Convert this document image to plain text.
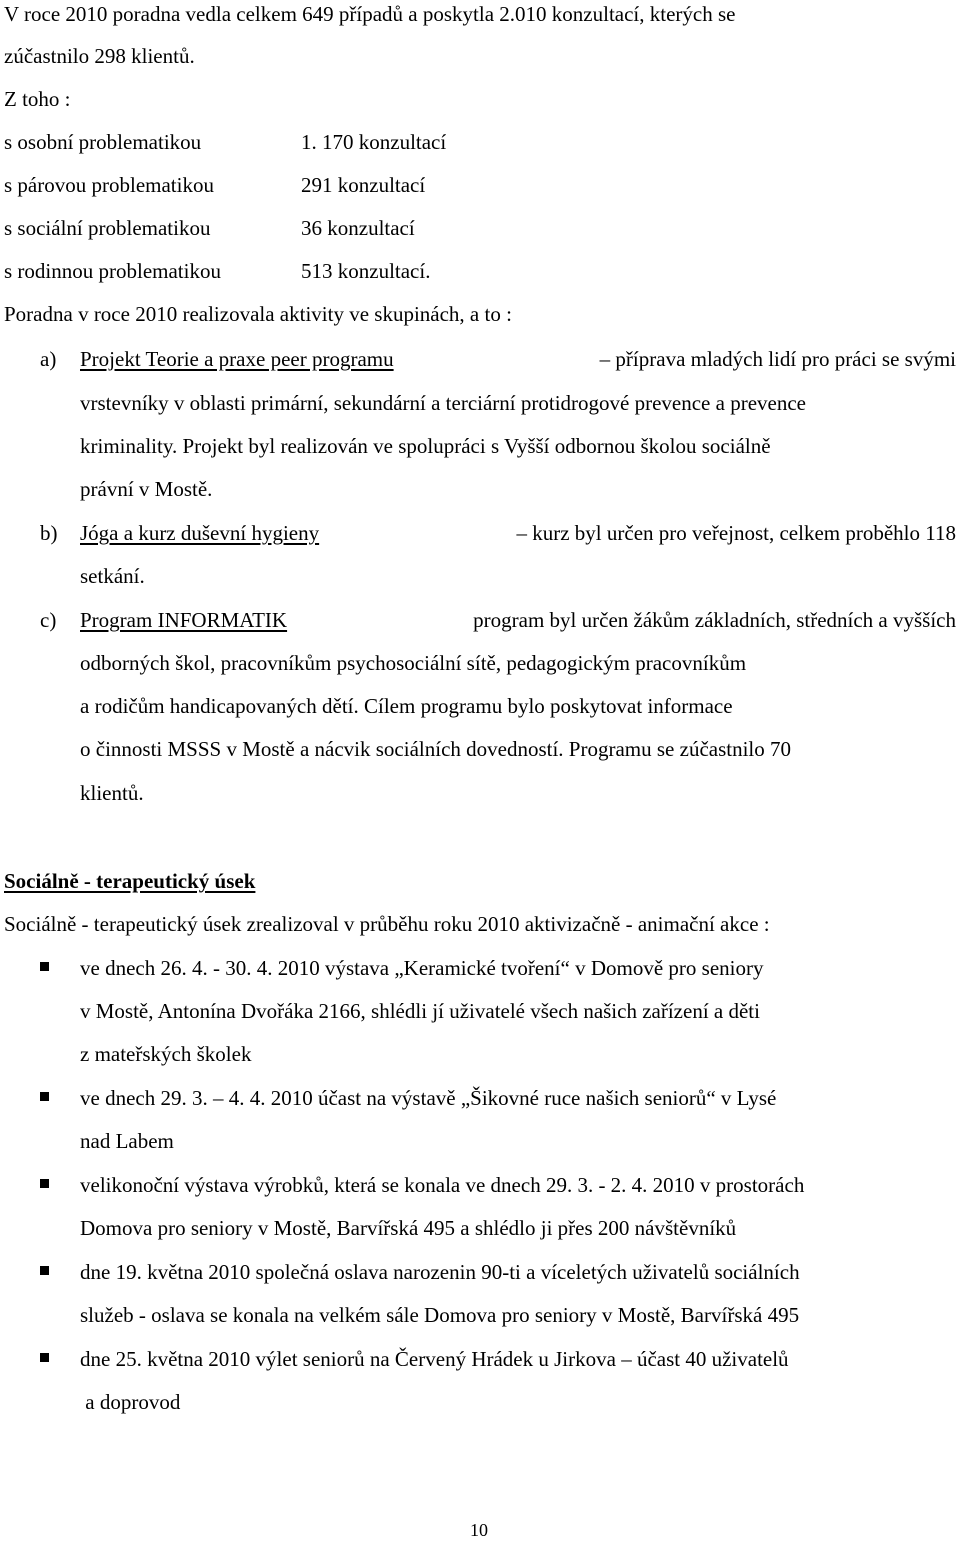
V roce 2010 poradna vedla celkem 649 případů a poskytla 2.010 konzultací, kterých se
zúčastnilo 298 klientů.
Z toho :
s osobní problematikou	1. 170 konzultací
s párovou problematikou	291 konzultací
s sociální problematikou	36 konzultací
s rodinnou problematikou	513 konzultací.
Poradna v roce 2010 realizovala aktivity ve skupinách, a to :
a) Projekt Teorie a praxe peer programu	– příprava mladých lidí pro práci se svými
vrstevníky v oblasti primární, sekundární a terciární protidrogové prevence a prevence
kriminality. Projekt byl realizován ve spolupráci s Vyšší odbornou školou sociálně
právní v Mostě.
b) Jóga a kurz duševní hygieny	– kurz byl určen pro veřejnost, celkem proběhlo 118
setkání.
c) Program INFORMATIK	program byl určen žákům základních, středních a vyšších
odborných škol, pracovníkům psychosociální sítě, pedagogickým pracovníkům
a rodičům handicapovaných dětí. Cílem programu bylo poskytovat informace
o činnosti MSSS v Mostě a nácvik sociálních dovedností. Programu se zúčastnilo 70
klientů.
Sociálně - terapeutický úsek
Sociálně - terapeutický úsek zrealizoval v průběhu roku 2010 aktivizačně - animační akce :
ve dnech 26. 4. - 30. 4. 2010 výstava „Keramické tvoření“ v Domově pro seniory
v Mostě, Antonína Dvořáka 2166, shlédli jí uživatelé všech našich zařízení a děti
z mateřských školek
ve dnech 29. 3. – 4. 4. 2010 účast na výstavě „Šikovné ruce našich seniorů“ v Lysé
nad Labem
velikonoční výstava výrobků, která se konala ve dnech 29. 3. - 2. 4. 2010 v prostorách
Domova pro seniory v Mostě, Barvířská 495 a shlédlo ji přes 200 návštěvníků
dne 19. května 2010 společná oslava narozenin 90-ti a víceletých uživatelů sociálních
služeb - oslava se konala na velkém sále Domova pro seniory v Mostě, Barvířská 495
dne 25. května 2010 výlet seniorů na Červený Hrádek u Jirkova – účast 40 uživatelů
a doprovod
10
